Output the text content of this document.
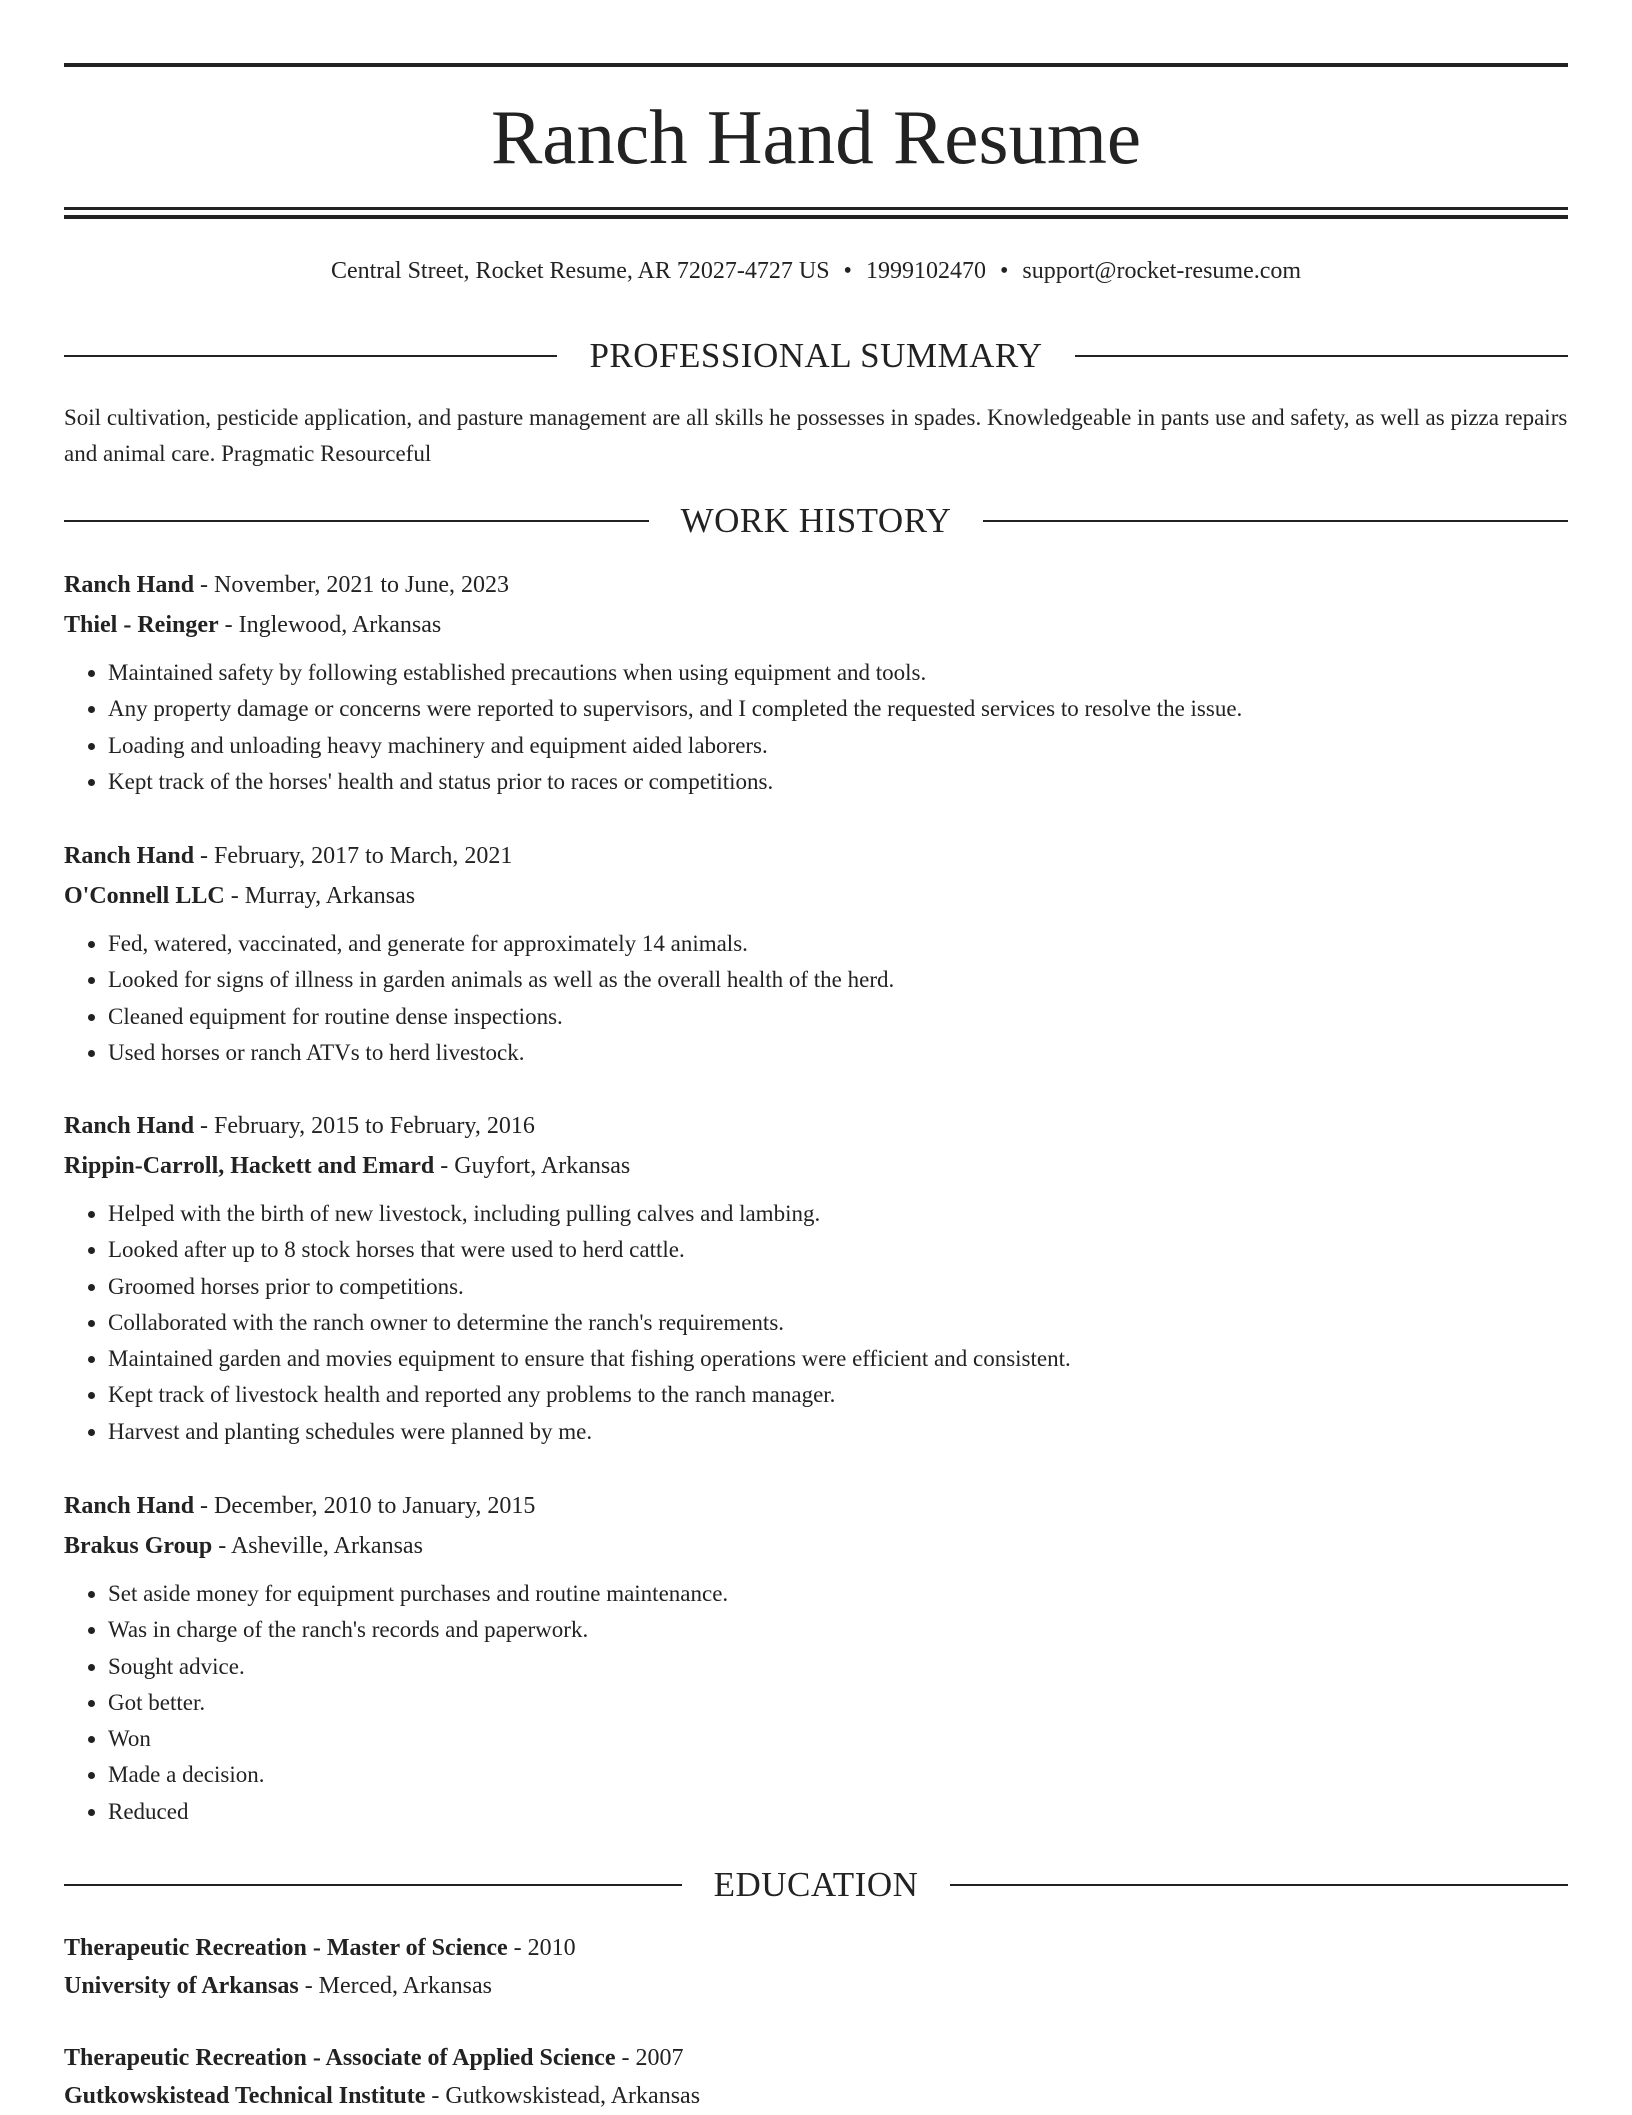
Ranch Hand Resume
Central Street, Rocket Resume, AR 72027-4727 US • 1999102470 • support@rocket-resume.com
PROFESSIONAL SUMMARY

Soil cultivation, pesticide application, and pasture management are all skills he possesses in spades. Knowledgeable in pants use and safety, as well as pizza repairs and animal care. Pragmatic Resourceful

WORK HISTORY

Ranch Hand - November, 2021 to June, 2023

Thiel - Reinger - Inglewood, Arkansas

• Maintained safety by following established precautions when using equipment and tools.
• Any property damage or concerns were reported to supervisors, and I completed the requested services to resolve the issue.
• Loading and unloading heavy machinery and equipment aided laborers.
• Kept track of the horses' health and status prior to races or competitions.

Ranch Hand - February, 2017 to March, 2021

O'Connell LLC - Murray, Arkansas

• Fed, watered, vaccinated, and generate for approximately 14 animals.
• Looked for signs of illness in garden animals as well as the overall health of the herd.
• Cleaned equipment for routine dense inspections.
• Used horses or ranch ATVs to herd livestock.

Ranch Hand - February, 2015 to February, 2016

Rippin-Carroll, Hackett and Emard - Guyfort, Arkansas

• Helped with the birth of new livestock, including pulling calves and lambing.
• Looked after up to 8 stock horses that were used to herd cattle.
• Groomed horses prior to competitions.
• Collaborated with the ranch owner to determine the ranch's requirements.
• Maintained garden and movies equipment to ensure that fishing operations were efficient and consistent.
• Kept track of livestock health and reported any problems to the ranch manager.
• Harvest and planting schedules were planned by me.

Ranch Hand - December, 2010 to January, 2015

Brakus Group - Asheville, Arkansas

• Set aside money for equipment purchases and routine maintenance.
• Was in charge of the ranch's records and paperwork.
• Sought advice.
• Got better.
• Won
• Made a decision.
• Reduced
EDUCATION

Therapeutic Recreation - Master of Science - 2010

University of Arkansas - Merced, Arkansas

Therapeutic Recreation - Associate of Applied Science - 2007

Gutkowskistead Technical Institute - Gutkowskistead, Arkansas
